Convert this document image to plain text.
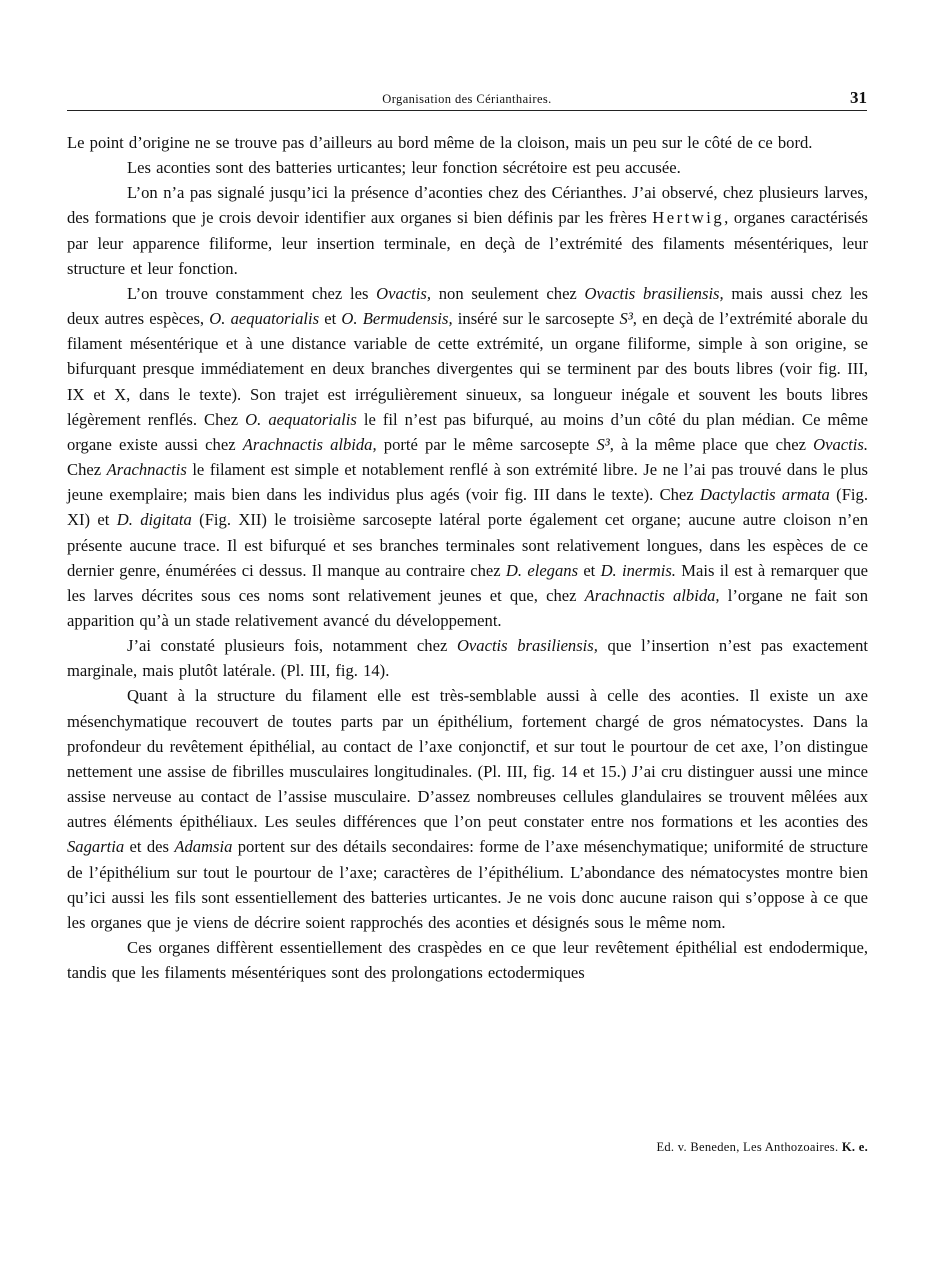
Organisation des Cérianthaires.	31

Le point d’origine ne se trouve pas d’ailleurs au bord même de la cloison, mais un peu sur le côté de ce bord.

Les aconties sont des batteries urticantes; leur fonction sécrétoire est peu accusée.

L’on n’a pas signalé jusqu’ici la présence d’aconties chez des Cérianthes. J’ai observé, chez plusieurs larves, des formations que je crois devoir identifier aux organes si bien définis par les frères Hertwig, organes caractérisés par leur apparence filiforme, leur insertion terminale, en deçà de l’extrémité des filaments mésentériques, leur structure et leur fonction.

L’on trouve constamment chez les Ovactis, non seulement chez Ovactis brasiliensis, mais aussi chez les deux autres espèces, O. aequatorialis et O. Bermudensis, inséré sur le sarcosepte S³, en deçà de l’extrémité aborale du filament mésentérique et à une distance variable de cette extrémité, un organe filiforme, simple à son origine, se bifurquant presque immédiatement en deux branches divergentes qui se terminent par des bouts libres (voir fig. III, IX et X, dans le texte). Son trajet est irrégulièrement sinueux, sa longueur inégale et souvent les bouts libres légèrement renflés. Chez O. aequatorialis le fil n’est pas bifurqué, au moins d’un côté du plan médian. Ce même organe existe aussi chez Arachnactis albida, porté par le même sarcosepte S³, à la même place que chez Ovactis. Chez Arachnactis le filament est simple et notablement renflé à son extrémité libre. Je ne l’ai pas trouvé dans le plus jeune exemplaire; mais bien dans les individus plus agés (voir fig. III dans le texte). Chez Dactylactis armata (Fig. XI) et D. digitata (Fig. XII) le troisième sarcosepte latéral porte également cet organe; aucune autre cloison n’en présente aucune trace. Il est bifurqué et ses branches terminales sont relativement longues, dans les espèces de ce dernier genre, énumérées ci dessus. Il manque au contraire chez D. elegans et D. inermis. Mais il est à remarquer que les larves décrites sous ces noms sont relativement jeunes et que, chez Arachnactis albida, l’organe ne fait son apparition qu’à un stade relativement avancé du développement.

J’ai constaté plusieurs fois, notamment chez Ovactis brasiliensis, que l’insertion n’est pas exactement marginale, mais plutôt latérale. (Pl. III, fig. 14).

Quant à la structure du filament elle est très-semblable aussi à celle des aconties. Il existe un axe mésenchymatique recouvert de toutes parts par un épithélium, fortement chargé de gros nématocystes. Dans la profondeur du revêtement épithélial, au contact de l’axe conjonctif, et sur tout le pourtour de cet axe, l’on distingue nettement une assise de fibrilles musculaires longitudinales. (Pl. III, fig. 14 et 15.) J’ai cru distinguer aussi une mince assise nerveuse au contact de l’assise musculaire. D’assez nombreuses cellules glandulaires se trouvent mêlées aux autres éléments épithéliaux. Les seules différences que l’on peut constater entre nos formations et les aconties des Sagartia et des Adamsia portent sur des détails secondaires: forme de l’axe mésenchymatique; uniformité de structure de l’épithélium sur tout le pourtour de l’axe; caractères de l’épithélium. L’abondance des nématocystes montre bien qu’ici aussi les fils sont essentiellement des batteries urticantes. Je ne vois donc aucune raison qui s’oppose à ce que les organes que je viens de décrire soient rapprochés des aconties et désignés sous le même nom.

Ces organes diffèrent essentiellement des craspèdes en ce que leur revêtement épithélial est endodermique, tandis que les filaments mésentériques sont des prolongations ectodermiques

Ed. v. Beneden, Les Anthozoaires. K. e.
